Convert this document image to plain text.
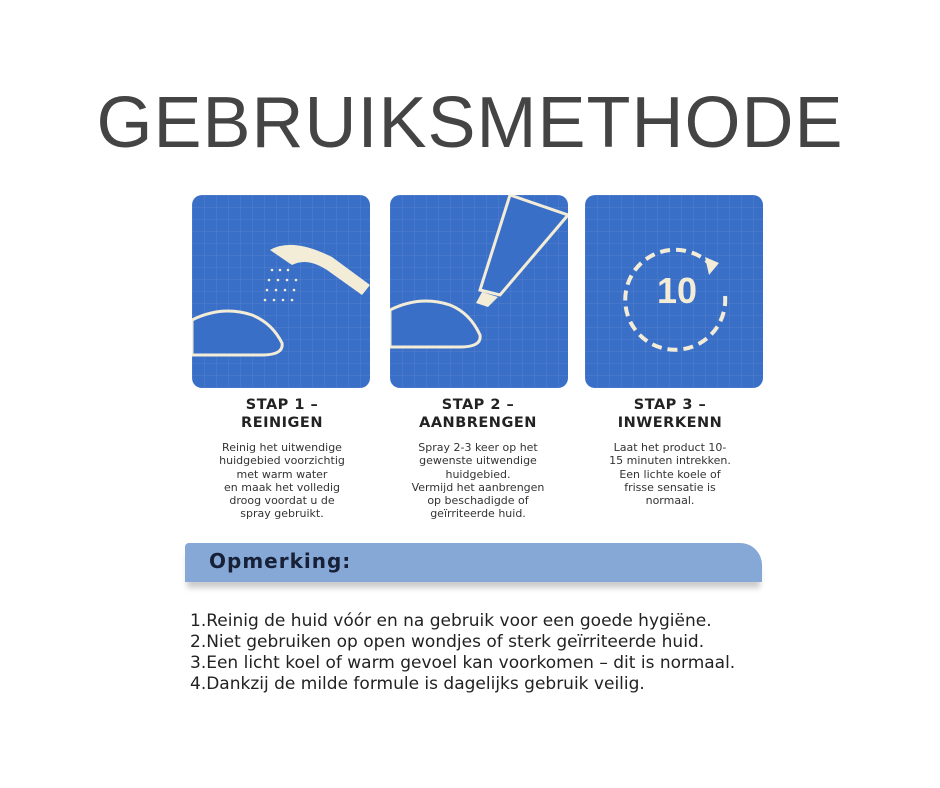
GEBRUIKSMETHODE
10
STAP 1 –
REINIGEN

Reinig het uitwendige
huidgebied voorzichtig
met warm water
en maak het volledig
droog voordat u de
spray gebruikt.

STAP 2 –
AANBRENGEN

Spray 2-3 keer op het
gewenste uitwendige
huidgebied.
Vermijd het aanbrengen
op beschadigde of
geïrriteerde huid.

STAP 3 –
INWERKENN

Laat het product 10-
15 minuten intrekken.
Een lichte koele of
frisse sensatie is
normaal.

Opmerking:
1.Reinig de huid vóór en na gebruik voor een goede hygiëne.
2.Niet gebruiken op open wondjes of sterk geïrriteerde huid.
3.Een licht koel of warm gevoel kan voorkomen – dit is normaal.
4.Dankzij de milde formule is dagelijks gebruik veilig.
